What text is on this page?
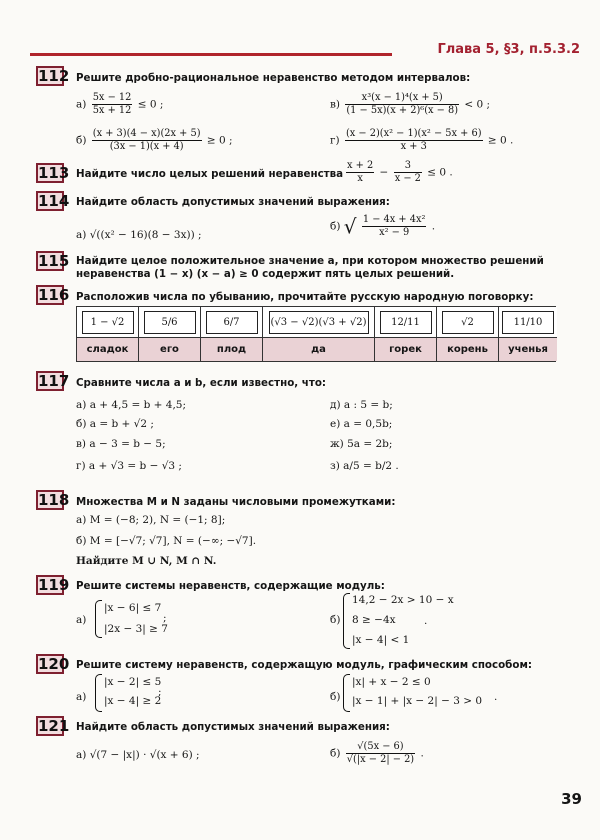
Глава 5, §3, п.5.3.2

112 Решите дробно-рациональное неравенство методом интервалов:
$а) \frac{5x - 12}{5x + 12} \le 0$ ;	$в) \frac{\text{x³(x − 1)⁴(x + 5)}}{\text{(1 − 5x)(x + 2)⁶(x − 8)}} < 0$ ;
$б) \frac{(x + 3)(4 - x)(2x + 5)}{(3x - 1)(x + 4)} \ge 0$ ;	$г) \frac{\text{(x − 2)(x² − 1)(x² − 5x + 6)}}{x + 3} \ge 0$ .
113 Найдите число целых решений неравенства $\frac{x + 2}{x} - \frac{3}{x - 2} \le 0$ .
114 Найдите область допустимых значений выражения:
а) √((x² − 16)(8 − 3x)) ;
б) √ $\frac{\text{1 − 4x + 4x²}}{\text{x² − 9}}$ .
115 Найдите целое положительное значение a, при котором множество решений неравенства (1 − x) (x − a) ≥ 0 содержит пять целых решений.
116 Расположив числа по убыванию, прочитайте русскую народную поговорку:
1 − √2	5/6	6/7	(√3 − √2)(√3 + √2)	12/11	√2	11/10
сладок	его	плод	да	горек	корень	ученья
117 Сравните числа a и b, если известно, что:
а) a + 4,5 = b + 4,5;
б) a = b + √2 ;
в) a − 3 = b − 5;
г) a + √3 = b − √3 ;
д) a : 5 = b;
е) a = 0,5b;
ж) 5a = 2b;
з) a/5 = b/2 .
118 Множества M и N заданы числовыми промежутками:
а) M = (−8; 2), N = (−1; 8];
б) M = [−√7; √7], N = (−∞; −√7].
Найдите M ∪ N, M ∩ N.
119 Решите системы неравенств, содержащие модуль:
а)
|x − 6| ≤ 7
|2x − 3| ≥ 7
;	б)
14,2 − 2x > 10 − x
8 ≥ −4x
|x − 4| < 1
.
120 Решите систему неравенств, содержащую модуль, графическим способом:
а)
|x − 2| ≤ 5
|x − 4| ≥ 2
;	б)
|x| + x − 2 ≤ 0
|x − 1| + |x − 2| − 3 > 0 .
121 Найдите область допустимых значений выражения:
а) √(7 − |x|) · √(x + 6) ;	$б) \frac{√(5x - 6)}{√(|x - 2| - 2)}$ .
39
